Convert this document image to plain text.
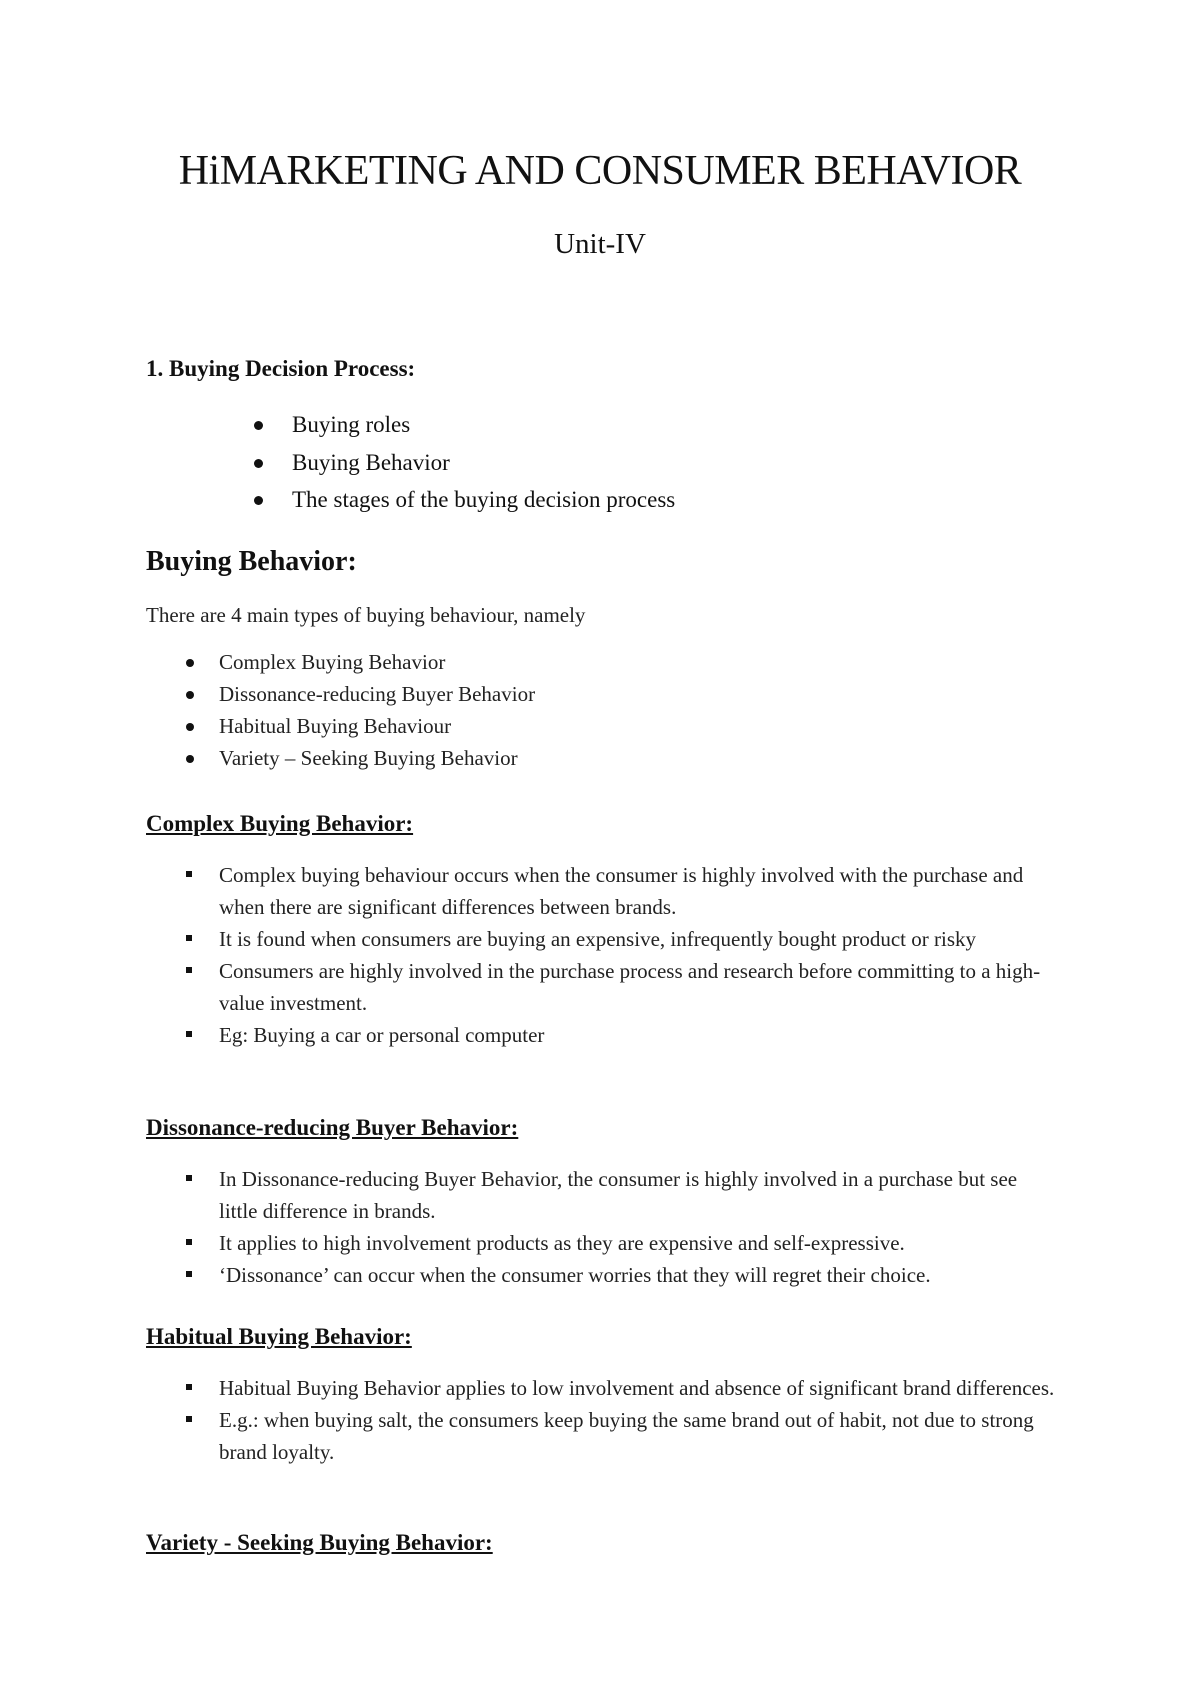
HiMARKETING AND CONSUMER BEHAVIOR
Unit-IV
1. Buying Decision Process:
Buying roles
Buying Behavior
The stages of the buying decision process
Buying Behavior:

There are 4 main types of buying behaviour, namely

Complex Buying Behavior
Dissonance-reducing Buyer Behavior
Habitual Buying Behaviour
Variety – Seeking Buying Behavior
Complex Buying Behavior:
Complex buying behaviour occurs when the consumer is highly involved with the purchase and when there are significant differences between brands.
It is found when consumers are buying an expensive, infrequently bought product or risky
Consumers are highly involved in the purchase process and research before committing to a high-value investment.
Eg: Buying a car or personal computer
Dissonance-reducing Buyer Behavior:
In Dissonance-reducing Buyer Behavior, the consumer is highly involved in a purchase but see little difference in brands.
It applies to high involvement products as they are expensive and self-expressive.
‘Dissonance’ can occur when the consumer worries that they will regret their choice.
Habitual Buying Behavior:
Habitual Buying Behavior applies to low involvement and absence of significant brand differences.
E.g.: when buying salt, the consumers keep buying the same brand out of habit, not due to strong brand loyalty.
Variety - Seeking Buying Behavior:
